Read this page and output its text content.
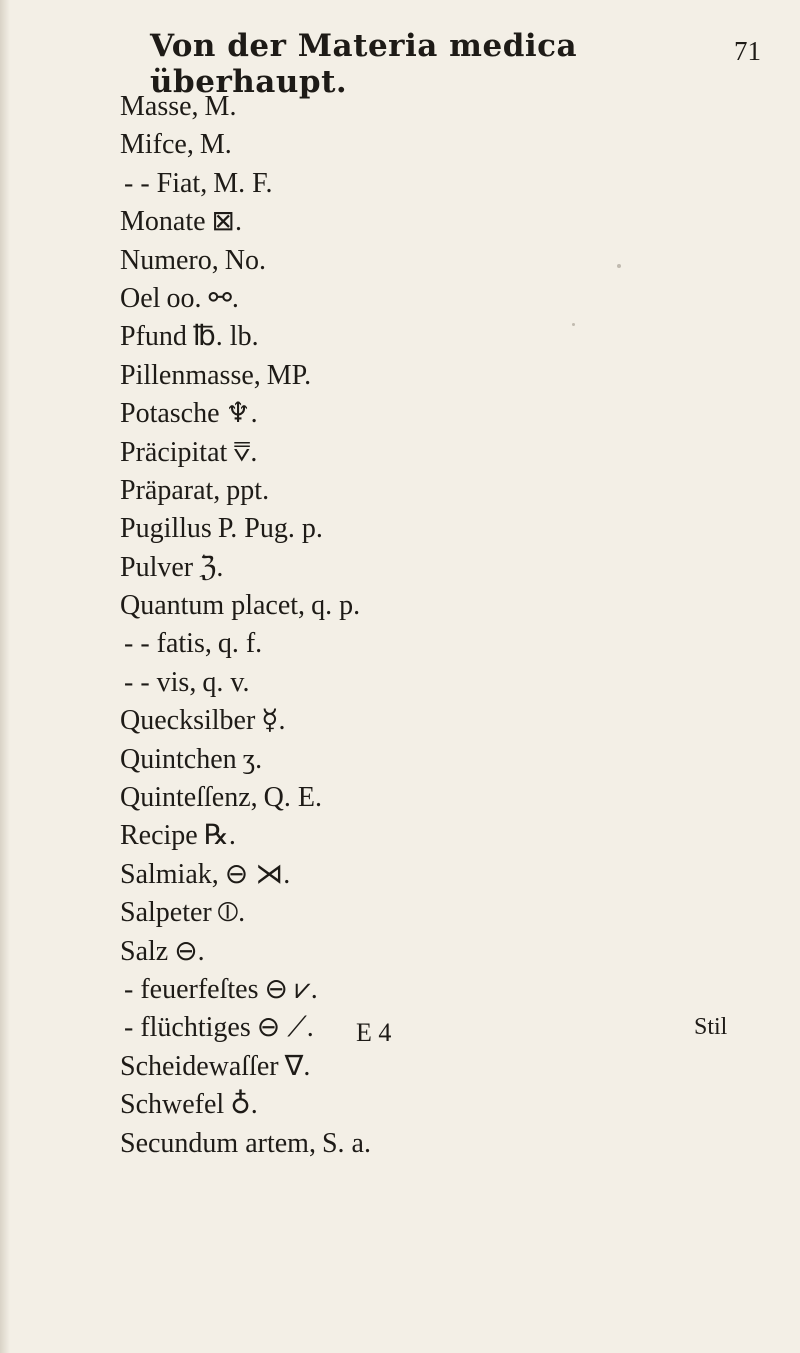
Von der Materia medica überhaupt.
71
Masse, M.
Mifce, M.
- - Fiat, M. F.
Monate ⊠.
Numero, No.
Oel oo. ⚯.
Pfund ℔. lb.
Pillenmasse, MP.
Potasche ♆.
Präcipitat ⩢.
Präparat, ppt.
Pugillus P. Pug. p.
Pulver ℨ.
Quantum placet, q. p.
- - fatis, q. f.
- - vis, q. v.
Quecksilber ☿.
Quintchen ʒ.
Quinteſſenz, Q. E.
Recipe ℞.
Salmiak, ⊖ ⋊.
Salpeter ⦶.
Salz ⊖.
- feuerfeſtes ⊖ ⩗.
- flüchtiges ⊖ ⟋.
Scheidewaſſer ∇.
Schwefel ♁.
Secundum artem, S. a.
E 4	Stil
